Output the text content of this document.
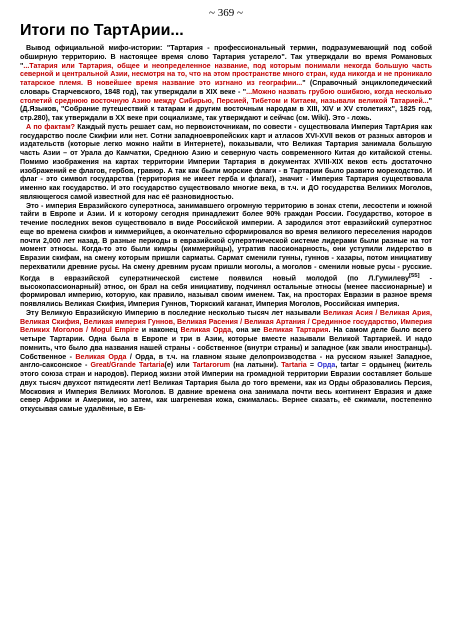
~ 369 ~
Итоги по ТартАрии...

Вывод официальной мифо-истории: "Тартария - профессиональный термин, подразумевающий под собой обширную территорию. В настоящее время слово Тартария устарело". Так утверждали во время Романовых "...Татария или Тартария, общее и неопределенное название, под которым понимали некогда большую часть северной и центральной Азии, несмотря на то, что на этом пространстве много стран, куда никогда и не проникало татарское племя. В новейшее время название это изгнано из географии..." (Справочный энциклопедический словарь Старчевского, 1848 год), так утверждали в XIX веке - "...Можно назвать грубою ошибкою, когда несколько столетий среднюю восточную Азию между Сибирью, Персией, Тибетом и Китаем, называли великой Татарией..." (Д.Языков, "Собрание путешествий к татарам и другим восточным народам в XIII, XIV и XV столетиях", 1825 год, стр.280), так утверждали в XX веке при социализме, так утверждают и сейчас (см. Wiki). Это - ложь.

А по фактам? Каждый пусть решает сам, но первоисточникам, по совести - существовала Империя ТартАрия как государство после Скифии или нет. Сотни западноевропейских карт и атласов XVI-XVII веков от разных авторов и издательств (которые легко можно найти в Интернете), показывали, что Великая Тартария занимала большую часть Азии – от Урала до Камчатки, Среднюю Азию и северную часть современного Китая до китайской стены. Помимо изображения на картах территории Империи Тартария в документах XVIII-XIX веков есть достаточно изображений ее флагов, гербов, гравюр. А так как были морские флаги - в Тартарии было развито мореходство. И флаг - это символ государства (территория не имеет герба и флага!), значит - Империя Тартария существовала именно как государство. И это государство существовало многие века, в т.ч. и ДО государства Великих Моголов, являющегося самой известной для нас её разновидностью.

Это - империя Евразийского суперэтноса, занимавшего огромную территорию в зонах степи, лесостепи и южной тайги в Европе и Азии. И к которому сегодня принадлежит более 90% граждан России. Государство, которое в течение последних веков существовало в виде Российской империи. А зародился этот евразийский суперэтнос еще во времена скифов и киммерийцев, а окончательно сформировался во время великого переселения народов почти 2,000 лет назад. В разные периоды в евразийской суперэтнической системе лидерами были разные на тот момент этносы. Когда-то это были кимры (киммерийцы), утратив пассионарность, они уступили лидерство в Евразии скифам, на смену которым пришли сарматы. Сармат сменили гунны, гуннов - хазары, потом инициативу перехватили древние русы. На смену древним русам пришли моголы, а моголов - сменили новые русы - русские. Когда в евразийской суперэтнической системе появился новый молодой (по Л.Гумилеву[55] - высокопассионарный) этнос, он брал на себя инициативу, подчинял остальные этносы (менее пассионарные) и формировал империю, которую, как правило, называл своим именем. Так, на просторах Евразии в разное время появлялись Великая Скифия, Империя Гуннов, Тюркский каганат, Империя Моголов, Российская империя.

Эту Великую Евразийскую Империю в последние несколько тысяч лет называли Великая Асия / Великая Ария, Великая Скифия, Великая империя Гуннов, Великая Расения / Великая Артания / Срединное государство, Империя Великих Моголов / Mogul Empire и наконец Великая Орда, она же Великая Тартария. На самом деле было всего четыре Тартарии. Одна была в Европе и три в Азии, которые вместе называли Великой Тартарией. И надо помнить, что было два названия нашей страны - собственное (внутри страны) и западное (как звали иностранцы). Собственное - Великая Орда / Орда, в т.ч. на главном языке делопроизводства - на русском языке! Западное, англо-саксонское - Great/Grande Tartaria(e) или Tartarorum (на латыни). Tartaria = Орда, tartar = ордынец (житель этого союза стран и народов). Период жизни этой Империи на громадной территории Евразии составляет больше двух тысяч двухсот пятидесяти лет! Великая Тартария была до того времени, как из Орды образовались Персия, Московия и Империя Великих Моголов. В давние времена она занимала почти весь континент Евразия и даже север Африки и Америки, но затем, как шагреневая кожа, сжималась. Вернее сказать, её сжимали, постепенно откусывая самые удалённые, в Ев-
